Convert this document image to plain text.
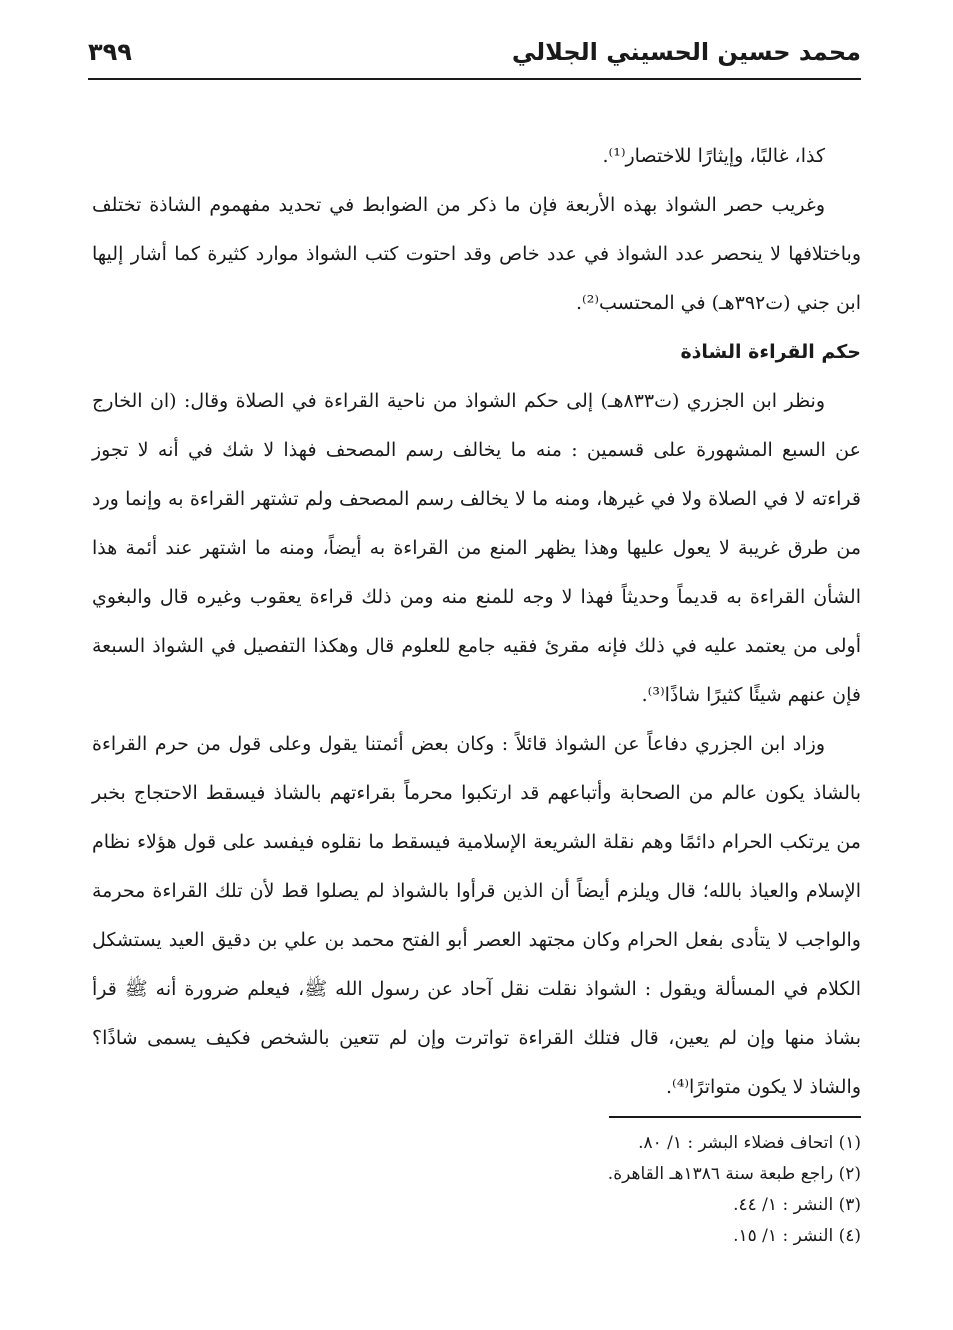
محمد حسين الحسيني الجلالي
٣٩٩

كذا، غالبًا، وإيثارًا للاختصار⁽¹⁾.

وغريب حصر الشواذ بهذه الأربعة فإن ما ذكر من الضوابط في تحديد مفهموم الشاذة تختلف وباختلافها لا ينحصر عدد الشواذ في عدد خاص وقد احتوت كتب الشواذ موارد كثيرة كما أشار إليها ابن جني (ت٣٩٢هـ) في المحتسب⁽²⁾.

حكم القراءة الشاذة

ونظر ابن الجزري (ت٨٣٣هـ) إلى حكم الشواذ من ناحية القراءة في الصلاة وقال: (ان الخارج عن السبع المشهورة على قسمين : منه ما يخالف رسم المصحف فهذا لا شك في أنه لا تجوز قراءته لا في الصلاة ولا في غيرها، ومنه ما لا يخالف رسم المصحف ولم تشتهر القراءة به وإنما ورد من طرق غريبة لا يعول عليها وهذا يظهر المنع من القراءة به أيضاً، ومنه ما اشتهر عند أئمة هذا الشأن القراءة به قديماً وحديثاً فهذا لا وجه للمنع منه ومن ذلك قراءة يعقوب وغيره قال والبغوي أولى من يعتمد عليه في ذلك فإنه مقرئ فقيه جامع للعلوم قال وهكذا التفصيل في الشواذ السبعة فإن عنهم شيئًا كثيرًا شاذًا⁽³⁾.

وزاد ابن الجزري دفاعاً عن الشواذ قائلاً : وكان بعض أئمتنا يقول وعلى قول من حرم القراءة بالشاذ يكون عالم من الصحابة وأتباعهم قد ارتكبوا محرماً بقراءتهم بالشاذ فيسقط الاحتجاج بخبر من يرتكب الحرام دائمًا وهم نقلة الشريعة الإسلامية فيسقط ما نقلوه فيفسد على قول هؤلاء نظام الإسلام والعياذ بالله؛ قال ويلزم أيضاً أن الذين قرأوا بالشواذ لم يصلوا قط لأن تلك القراءة محرمة والواجب لا يتأدى بفعل الحرام وكان مجتهد العصر أبو الفتح محمد بن علي بن دقيق العيد يستشكل الكلام في المسألة ويقول : الشواذ نقلت نقل آحاد عن رسول الله ﷺ، فيعلم ضرورة أنه ﷺ قرأ بشاذ منها وإن لم يعين، قال فتلك القراءة تواترت وإن لم تتعين بالشخص فكيف يسمى شاذًا؟ والشاذ لا يكون متواترًا⁽⁴⁾.

(١) اتحاف فضلاء البشر : ١/ ٨٠.

(٢) راجع طبعة سنة ١٣٨٦هـ القاهرة.

(٣) النشر : ١/ ٤٤.

(٤) النشر : ١/ ١٥.
